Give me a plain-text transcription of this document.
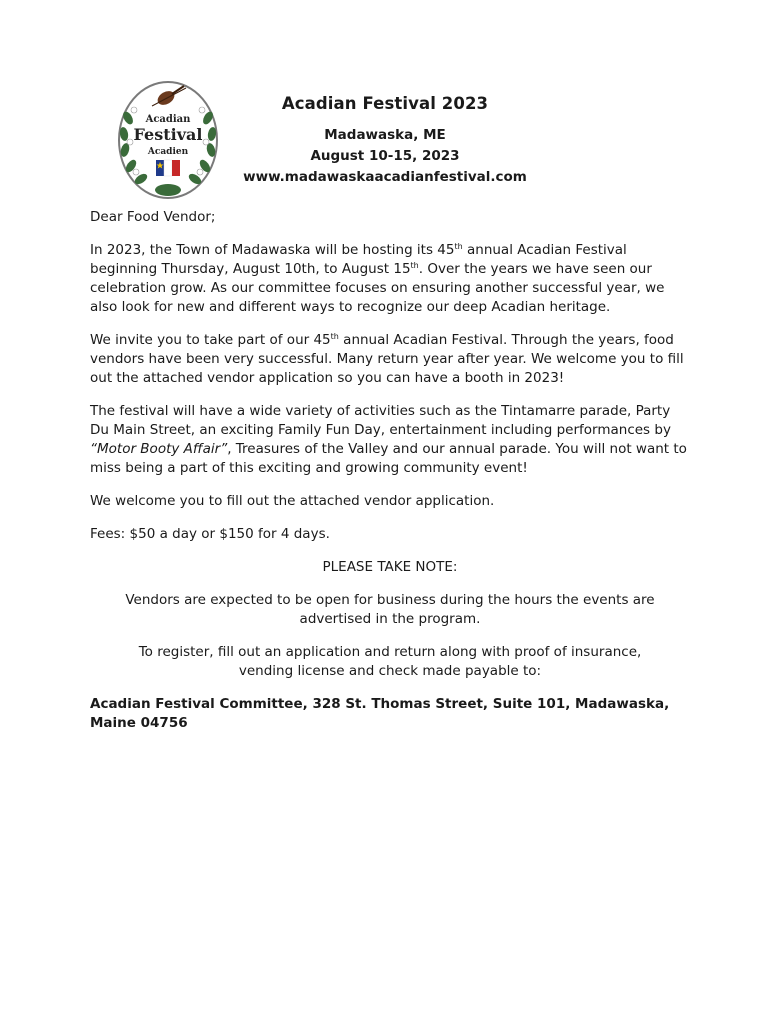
Acadian
Festival
Acadien

Acadian Festival 2023

Madawaska, ME

August 10-15, 2023

www.madawaskaacadianfestival.com

Dear Food Vendor;

In 2023, the Town of Madawaska will be hosting its 45th annual Acadian Festival beginning Thursday, August 10th, to August 15th. Over the years we have seen our celebration grow. As our committee focuses on ensuring another successful year, we also look for new and different ways to recognize our deep Acadian heritage.

We invite you to take part of our 45th annual Acadian Festival. Through the years, food vendors have been very successful. Many return year after year. We welcome you to fill out the attached vendor application so you can have a booth in 2023!

The festival will have a wide variety of activities such as the Tintamarre parade, Party Du Main Street, an exciting Family Fun Day, entertainment including performances by “Motor Booty Affair”, Treasures of the Valley and our annual parade. You will not want to miss being a part of this exciting and growing community event!

We welcome you to fill out the attached vendor application.

Fees: $50 a day or $150 for 4 days.

PLEASE TAKE NOTE:

Vendors are expected to be open for business during the hours the events are advertised in the program.

To register, fill out an application and return along with proof of insurance, vending license and check made payable to:

Acadian Festival Committee, 328 St. Thomas Street, Suite 101, Madawaska, Maine 04756
